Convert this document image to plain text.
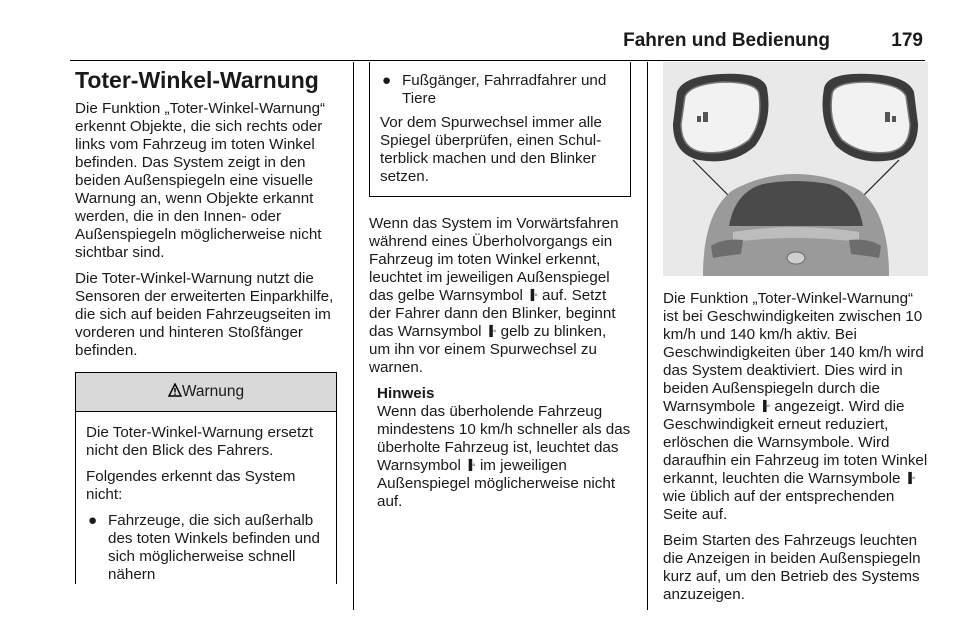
Fahren und Bedienung	179
Toter-Winkel-Warnung

Die Funktion „Toter-Winkel-Warnung“ erkennt Objekte, die sich rechts oder links vom Fahrzeug im toten Winkel befinden. Das System zeigt in den beiden Außenspiegeln eine visuelle Warnung an, wenn Objekte erkannt werden, die in den Innen- oder Außenspiegeln möglicherweise nicht sichtbar sind.

Die Toter-Winkel-Warnung nutzt die Sensoren der erweiterten Einparkhilfe, die sich auf beiden Fahrzeugseiten im vorderen und hinteren Stoßfänger befinden.

Warnung

Die Toter-Winkel-Warnung ersetzt nicht den Blick des Fahrers.

Folgendes erkennt das System nicht:

● Fahrzeuge, die sich außerhalb des toten Winkels befinden und sich möglicherweise schnell nähern
● Fußgänger, Fahrradfahrer und Tiere

Vor dem Spurwechsel immer alle Spiegel überprüfen, einen Schulterblick machen und den Blinker setzen.

Wenn das System im Vorwärtsfahren während eines Überholvorgangs ein Fahrzeug im toten Winkel erkennt, leuchtet im jeweiligen Außenspiegel das gelbe Warnsymbol ▐◦ auf. Setzt der Fahrer dann den Blinker, beginnt das Warnsymbol ▐◦ gelb zu blinken, um ihn vor einem Spurwechsel zu warnen.

Hinweis

Wenn das überholende Fahrzeug mindestens 10 km/h schneller als das überholte Fahrzeug ist, leuchtet das Warnsymbol ▐◦ im jeweiligen Außenspiegel möglicherweise nicht auf.

Die Funktion „Toter-Winkel-Warnung“ ist bei Geschwindigkeiten zwischen 10 km/h und 140 km/h aktiv. Bei Geschwindigkeiten über 140 km/h wird das System deaktiviert. Dies wird in beiden Außenspiegeln durch die Warnsymbole ▐◦ angezeigt. Wird die Geschwindigkeit erneut reduziert, erlöschen die Warnsymbole. Wird daraufhin ein Fahrzeug im toten Winkel erkannt, leuchten die Warnsymbole ▐◦ wie üblich auf der entsprechenden Seite auf.

Beim Starten des Fahrzeugs leuchten die Anzeigen in beiden Außenspiegeln kurz auf, um den Betrieb des Systems anzuzeigen.
